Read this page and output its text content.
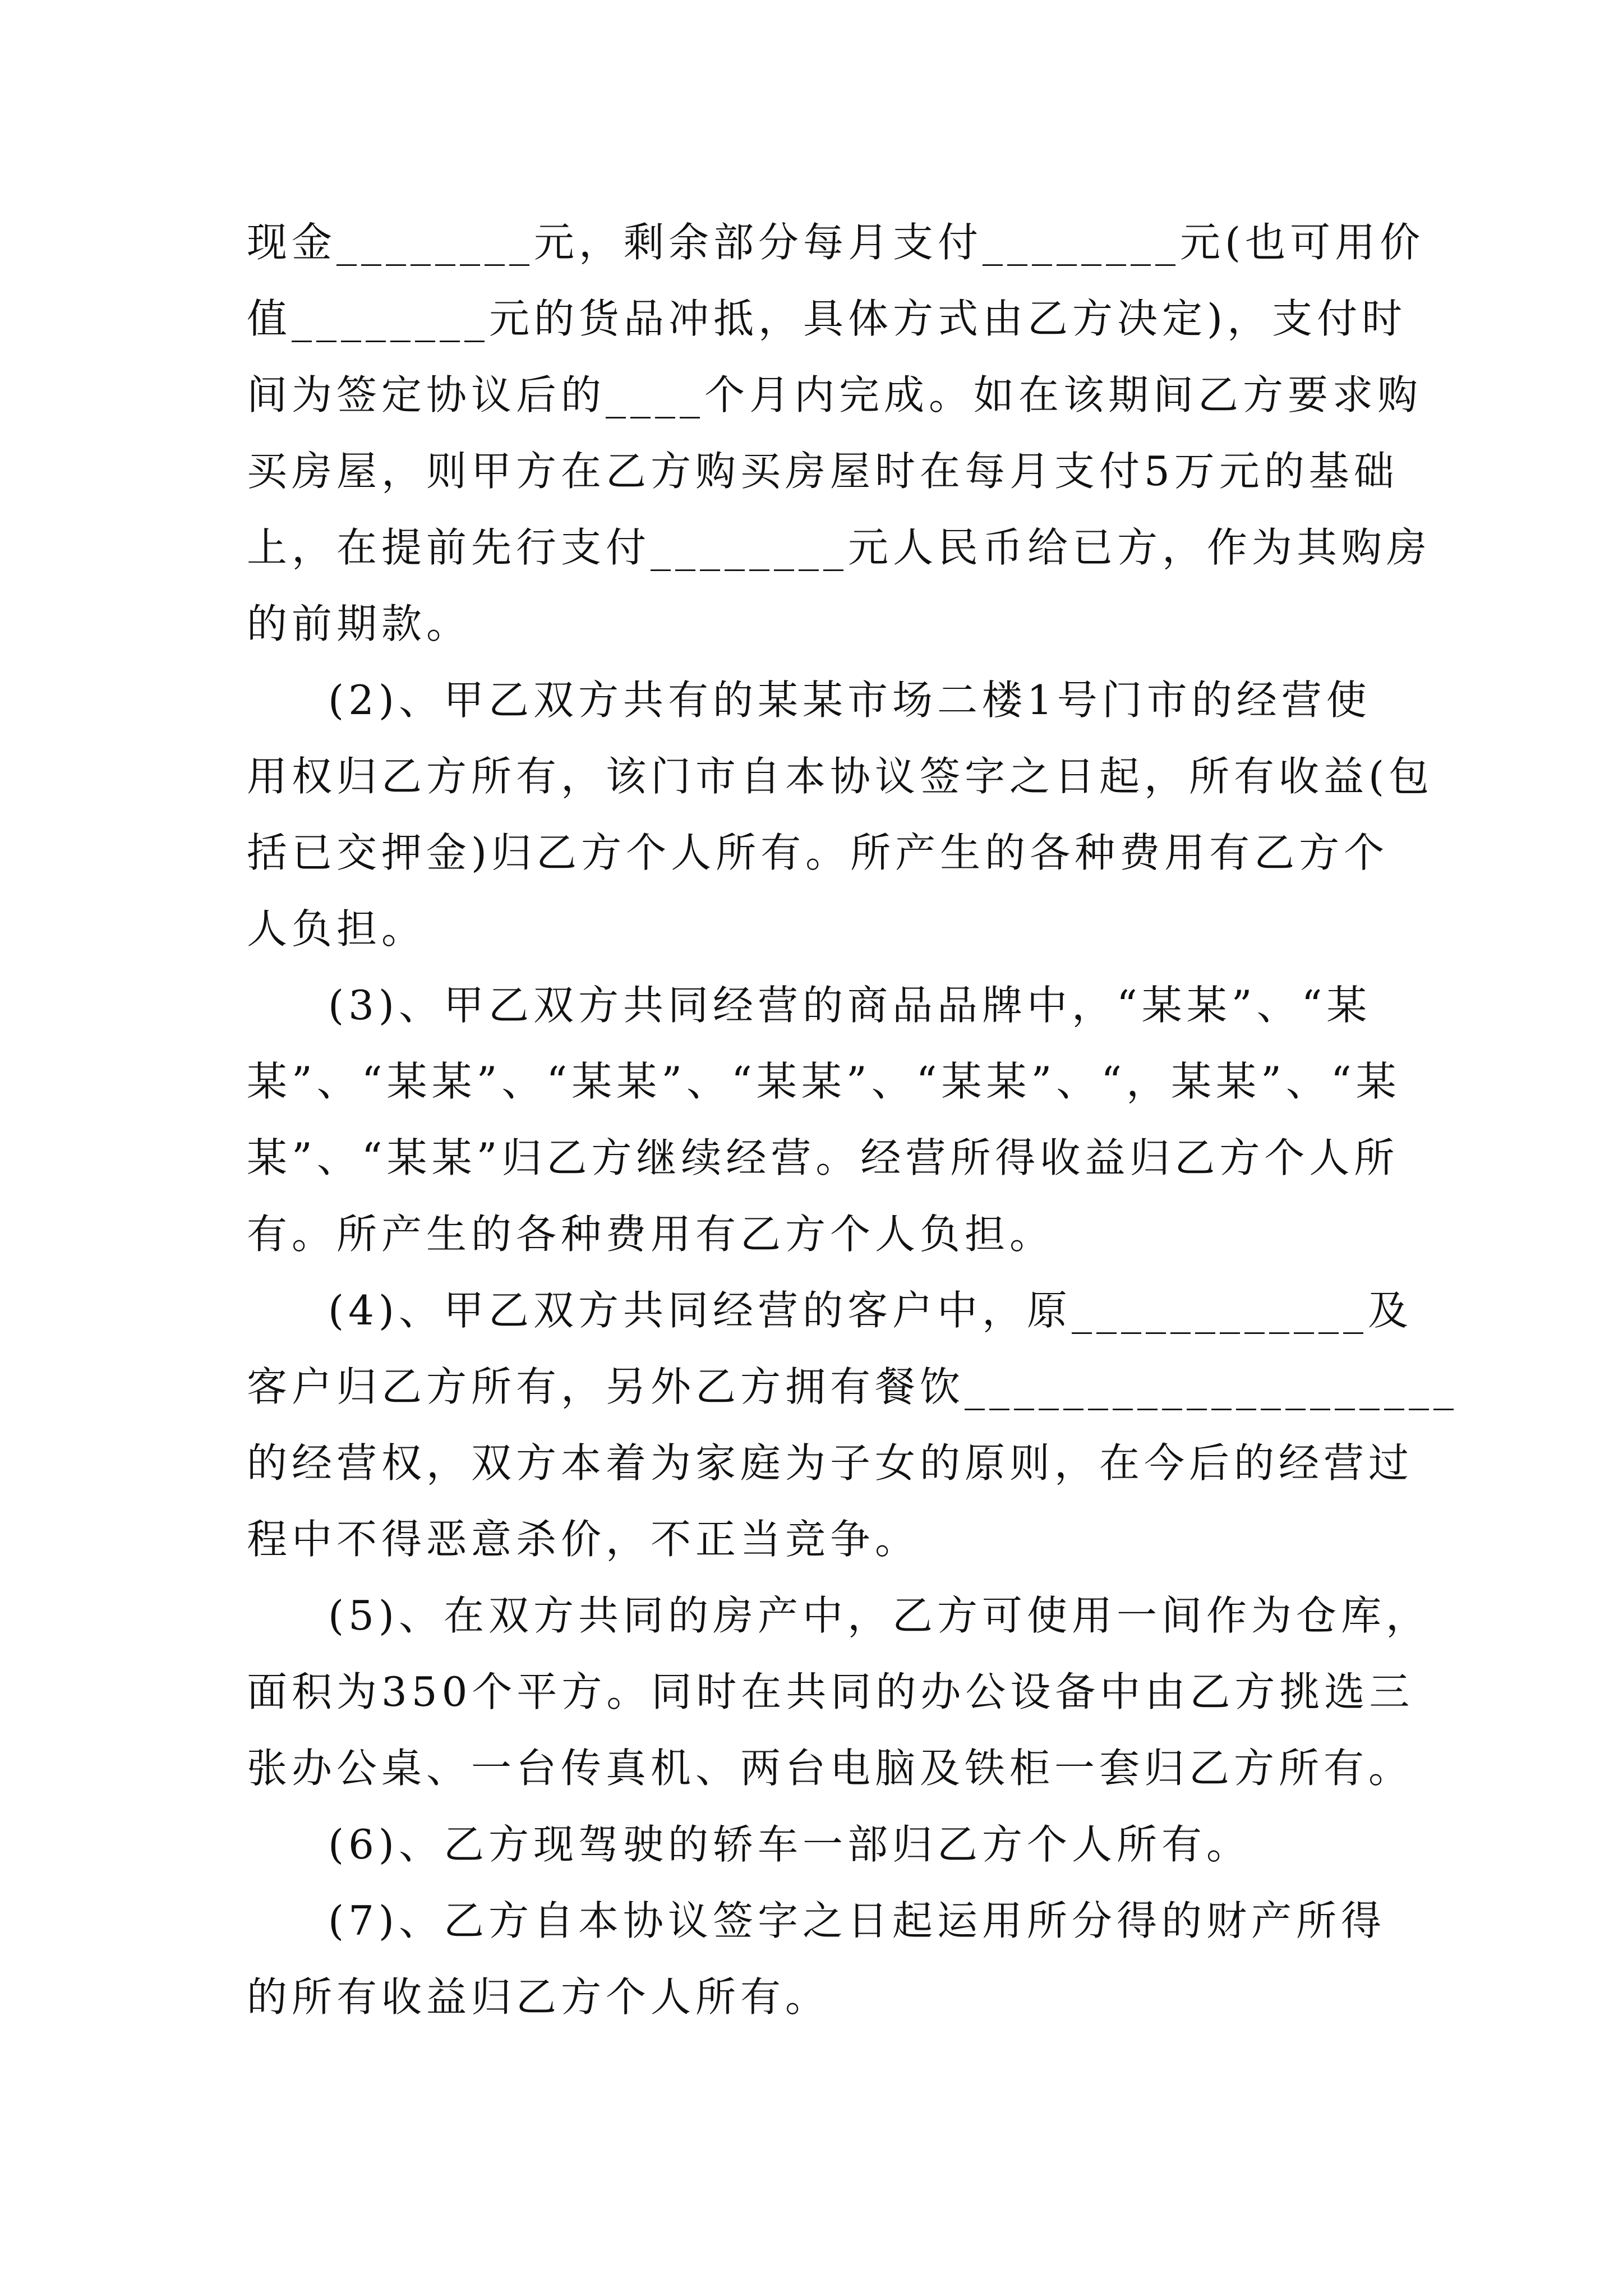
现金________元，剩余部分每月支付________元(也可用价
值________元的货品冲抵，具体方式由乙方决定)，支付时
间为签定协议后的____个月内完成。如在该期间乙方要求购
买房屋，则甲方在乙方购买房屋时在每月支付5万元的基础
上，在提前先行支付________元人民币给已方，作为其购房
的前期款。
(2)、甲乙双方共有的某某市场二楼1号门市的经营使
用权归乙方所有，该门市自本协议签字之日起，所有收益(包
括已交押金)归乙方个人所有。所产生的各种费用有乙方个
人负担。
(3)、甲乙双方共同经营的商品品牌中，“某某”、“某
某”、“某某”、“某某”、“某某”、“某某”、“，某某”、“某
某”、“某某”归乙方继续经营。经营所得收益归乙方个人所
有。所产生的各种费用有乙方个人负担。
(4)、甲乙双方共同经营的客户中，原____________及
客户归乙方所有，另外乙方拥有餐饮____________________
的经营权，双方本着为家庭为子女的原则，在今后的经营过
程中不得恶意杀价，不正当竞争。
(5)、在双方共同的房产中，乙方可使用一间作为仓库，
面积为350个平方。同时在共同的办公设备中由乙方挑选三
张办公桌、一台传真机、两台电脑及铁柜一套归乙方所有。
(6)、乙方现驾驶的轿车一部归乙方个人所有。
(7)、乙方自本协议签字之日起运用所分得的财产所得
的所有收益归乙方个人所有。
